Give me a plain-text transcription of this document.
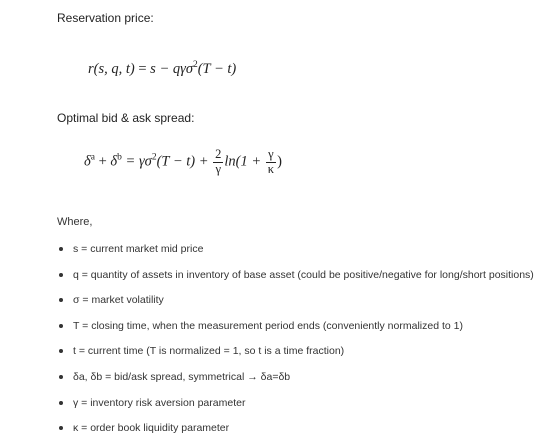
Reservation price:
r(s, q, t) = s − qγσ$^2$(T − t)
Optimal bid & ask spread:
$\delta^a + \delta^b = \gamma\sigma^2(T - t) + \frac{2}{\gamma} \ln(1 + \frac{\gamma}{\kappa}$ )
Where,
s = current market mid price
q = quantity of assets in inventory of base asset (could be positive/negative for long/short positions)
σ = market volatility
T = closing time, when the measurement period ends (conveniently normalized to 1)
t = current time (T is normalized = 1, so t is a time fraction)
δa, δb = bid/ask spread, symmetrical → δa=δb
γ = inventory risk aversion parameter
κ = order book liquidity parameter
